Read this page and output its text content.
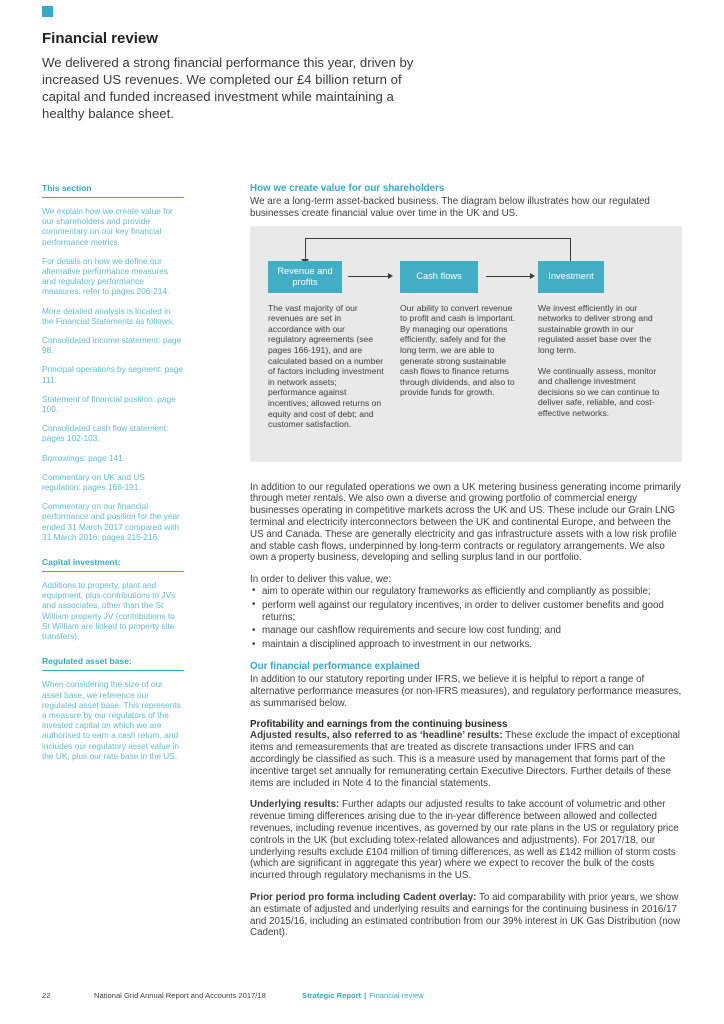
Financial review

We delivered a strong financial performance this year, driven by increased US revenues. We completed our £4 billion return of capital and funded increased investment while maintaining a healthy balance sheet.

This section

We explain how we create value for our shareholders and provide commentary on our key financial performance metrics.

For details on how we define our alternative performance measures and regulatory performance measures, refer to pages 206-214.

More detailed analysis is located in the Financial Statements as follows;

Consolidated income statement: page 98.

Principal operations by segment: page 111.

Statement of financial position: page 100.

Consolidated cash flow statement: pages 102-103.

Borrowings: page 141.

Commentary on UK and US regulation: pages 166-191.

Commentary on our financial performance and position for the year ended 31 March 2017 compared with 31 March 2016: pages 215-216.

Capital investment:

Additions to property, plant and equipment, plus contributions to JVs and associates, other than the St William property JV (contributions to St William are linked to property site transfers).

Regulated asset base:

When considering the size of our asset base, we reference our regulated asset base. This represents a measure by our regulators of the invested capital on which we are authorised to earn a cash return, and includes our regulatory asset value in the UK, plus our rate base in the US.

How we create value for our shareholders

We are a long-term asset-backed business. The diagram below illustrates how our regulated businesses create financial value over time in the UK and US.

Revenue and profits
Cash flows	Investment
The vast majority of our revenues are set in accordance with our regulatory agreements (see pages 166-191), and are calculated based on a number of factors including investment in network assets; performance against incentives; allowed returns on equity and cost of debt; and customer satisfaction.
Our ability to convert revenue to profit and cash is important. By managing our operations efficiently, safely and for the long term, we are able to generate strong sustainable cash flows to finance returns through dividends, and also to provide funds for growth.

We invest efficiently in our networks to deliver strong and sustainable growth in our regulated asset base over the long term.

We continually assess, monitor and challenge investment decisions so we can continue to deliver safe, reliable, and cost-effective networks.

In addition to our regulated operations we own a UK metering business generating income primarily through meter rentals. We also own a diverse and growing portfolio of commercial energy businesses operating in competitive markets across the UK and US. These include our Grain LNG terminal and electricity interconnectors between the UK and continental Europe, and between the US and Canada. These are generally electricity and gas infrastructure assets with a low risk profile and stable cash flows, underpinned by long-term contracts or regulatory arrangements. We also own a property business, developing and selling surplus land in our portfolio.

In order to deliver this value, we:

• aim to operate within our regulatory frameworks as efficiently and compliantly as possible;
• perform well against our regulatory incentives, in order to deliver customer benefits and good returns;
• manage our cashflow requirements and secure low cost funding; and
• maintain a disciplined approach to investment in our networks.
Our financial performance explained

In addition to our statutory reporting under IFRS, we believe it is helpful to report a range of alternative performance measures (or non-IFRS measures), and regulatory performance measures, as summarised below.

Profitability and earnings from the continuing business

Adjusted results, also referred to as ‘headline’ results: These exclude the impact of exceptional items and remeasurements that are treated as discrete transactions under IFRS and can accordingly be classified as such. This is a measure used by management that forms part of the incentive target set annually for remunerating certain Executive Directors. Further details of these items are included in Note 4 to the financial statements.

Underlying results: Further adapts our adjusted results to take account of volumetric and other revenue timing differences arising due to the in-year difference between allowed and collected revenues, including revenue incentives, as governed by our rate plans in the US or regulatory price controls in the UK (but excluding totex-related allowances and adjustments). For 2017/18, our underlying results exclude £104 million of timing differences, as well as £142 million of storm costs (which are significant in aggregate this year) where we expect to recover the bulk of the costs incurred through regulatory mechanisms in the US.

Prior period pro forma including Cadent overlay: To aid comparability with prior years, we show an estimate of adjusted and underlying results and earnings for the continuing business in 2016/17 and 2015/16, including an estimated contribution from our 39% interest in UK Gas Distribution (now Cadent).

22	National Grid Annual Report and Accounts 2017/18	Strategic Report | Financial review
